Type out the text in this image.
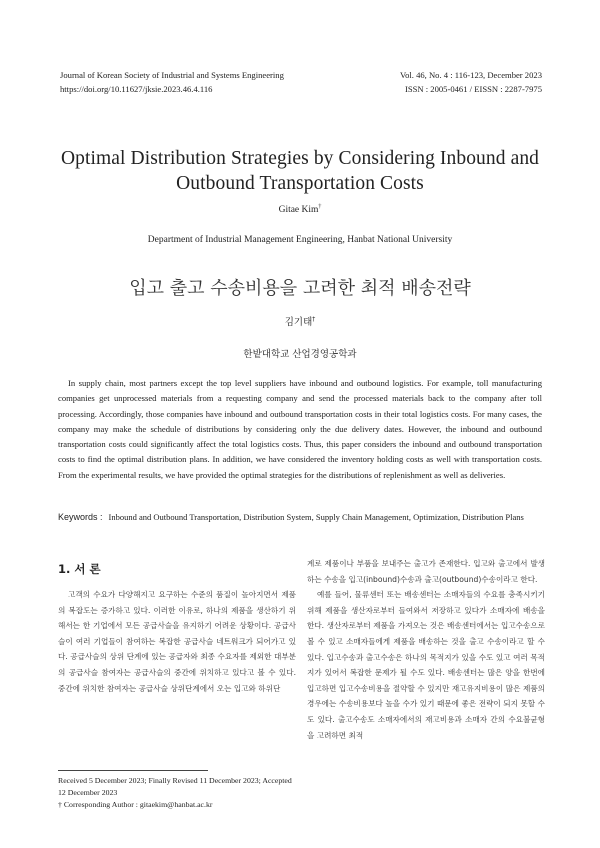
Journal of Korean Society of Industrial and Systems Engineering
https://doi.org/10.11627/jksie.2023.46.4.116
Vol. 46, No. 4 : 116-123, December 2023
ISSN : 2005-0461 / EISSN : 2287-7975
Optimal Distribution Strategies by Considering Inbound and
Outbound Transportation Costs
Gitae Kim†
Department of Industrial Management Engineering, Hanbat National University
입고 출고 수송비용을 고려한 최적 배송전략
김기태†
한밭대학교 산업경영공학과

In supply chain, most partners except the top level suppliers have inbound and outbound logistics. For example, toll manufacturing companies get unprocessed materials from a requesting company and send the processed materials back to the company after toll processing. Accordingly, those companies have inbound and outbound transportation costs in their total logistics costs. For many cases, the company may make the schedule of distributions by considering only the due delivery dates. However, the inbound and outbound transportation costs could significantly affect the total logistics costs. Thus, this paper considers the inbound and outbound transportation costs to find the optimal distribution plans. In addition, we have considered the inventory holding costs as well with transportation costs. From the experimental results, we have provided the optimal strategies for the distributions of replenishment as well as deliveries.

Keywords : Inbound and Outbound Transportation, Distribution System, Supply Chain Management, Optimization, Distribution Plans
1. 서 론

고객의 수요가 다양해지고 요구하는 수준의 품질이 높아지면서 제품의 복잡도는 증가하고 있다. 이러한 이유로, 하나의 제품을 생산하기 위해서는 한 기업에서 모든 공급사슬을 유지하기 어려운 상황이다. 공급사슬이 여러 기업들이 참여하는 복잡한 공급사슬 네트워크가 되어가고 있다. 공급사슬의 상위 단계에 있는 공급자와 최종 수요자를 제외한 대부분의 공급사슬 참여자는 공급사슬의 중간에 위치하고 있다고 볼 수 있다. 중간에 위치한 참여자는 공급사슬 상위단계에서 오는 입고와 하위단

계로 제품이나 부품을 보내주는 출고가 존재한다. 입고와 출고에서 발생하는 수송을 입고(inbound)수송과 출고(outbound)수송이라고 한다.

예를 들어, 물류센터 또는 배송센터는 소매자들의 수요를 충족시키기 위해 제품을 생산자로부터 들여와서 저장하고 있다가 소매자에 배송을 한다. 생산자로부터 제품을 가져오는 것은 배송센터에서는 입고수송으로 볼 수 있고 소매자들에게 제품을 배송하는 것을 출고 수송이라고 할 수 있다. 입고수송과 출고수송은 하나의 목적지가 있을 수도 있고 여러 목적지가 있어서 복잡한 문제가 될 수도 있다. 배송센터는 많은 양을 한번에 입고하면 입고수송비용을 절약할 수 있지만 재고유지비용이 많은 제품의 경우에는 수송비용보다 높을 수가 있기 때문에 좋은 전략이 되지 못할 수도 있다. 출고수송도 소매자에서의 재고비용과 소매자 간의 수요불균형을 고려하면 최적

Received 5 December 2023; Finally Revised 11 December 2023; Accepted 12 December 2023
† Corresponding Author : gitaekim@hanbat.ac.kr
